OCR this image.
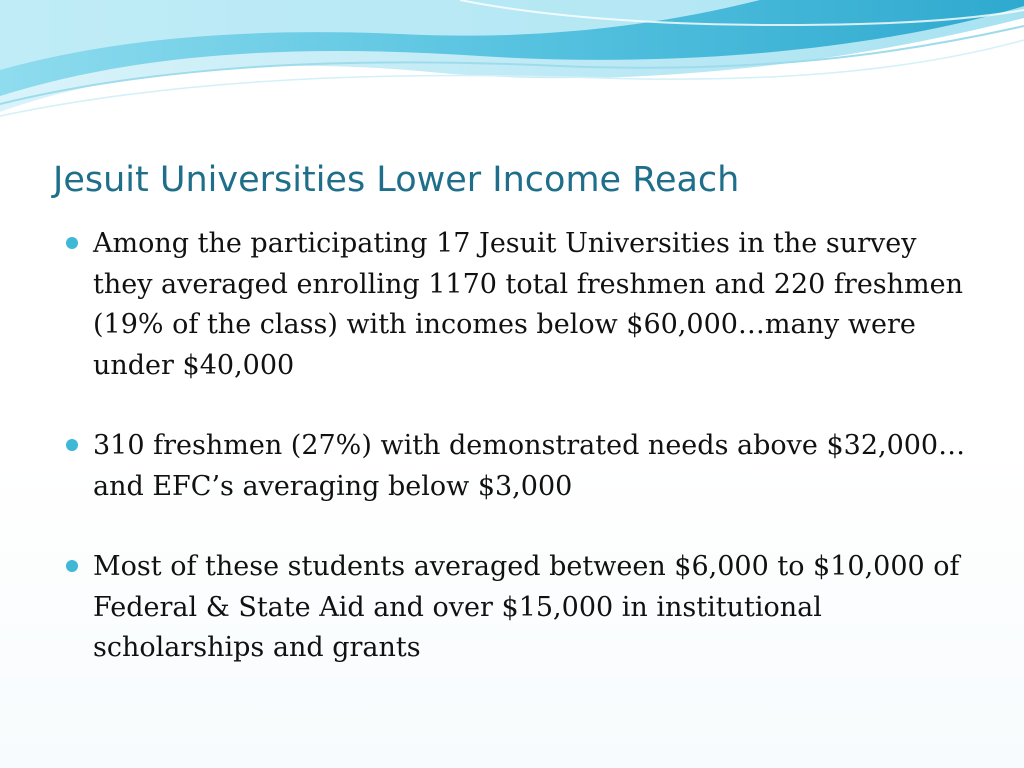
Jesuit Universities Lower Income Reach
Among the participating 17 Jesuit Universities in the survey they averaged enrolling 1170 total freshmen and 220 freshmen (19% of the class) with incomes below $60,000…many were under $40,000
310 freshmen (27%) with demonstrated needs above $32,000…and EFC’s averaging below $3,000
Most of these students averaged between $6,000 to $10,000 of Federal & State Aid and over $15,000 in institutional scholarships and grants
